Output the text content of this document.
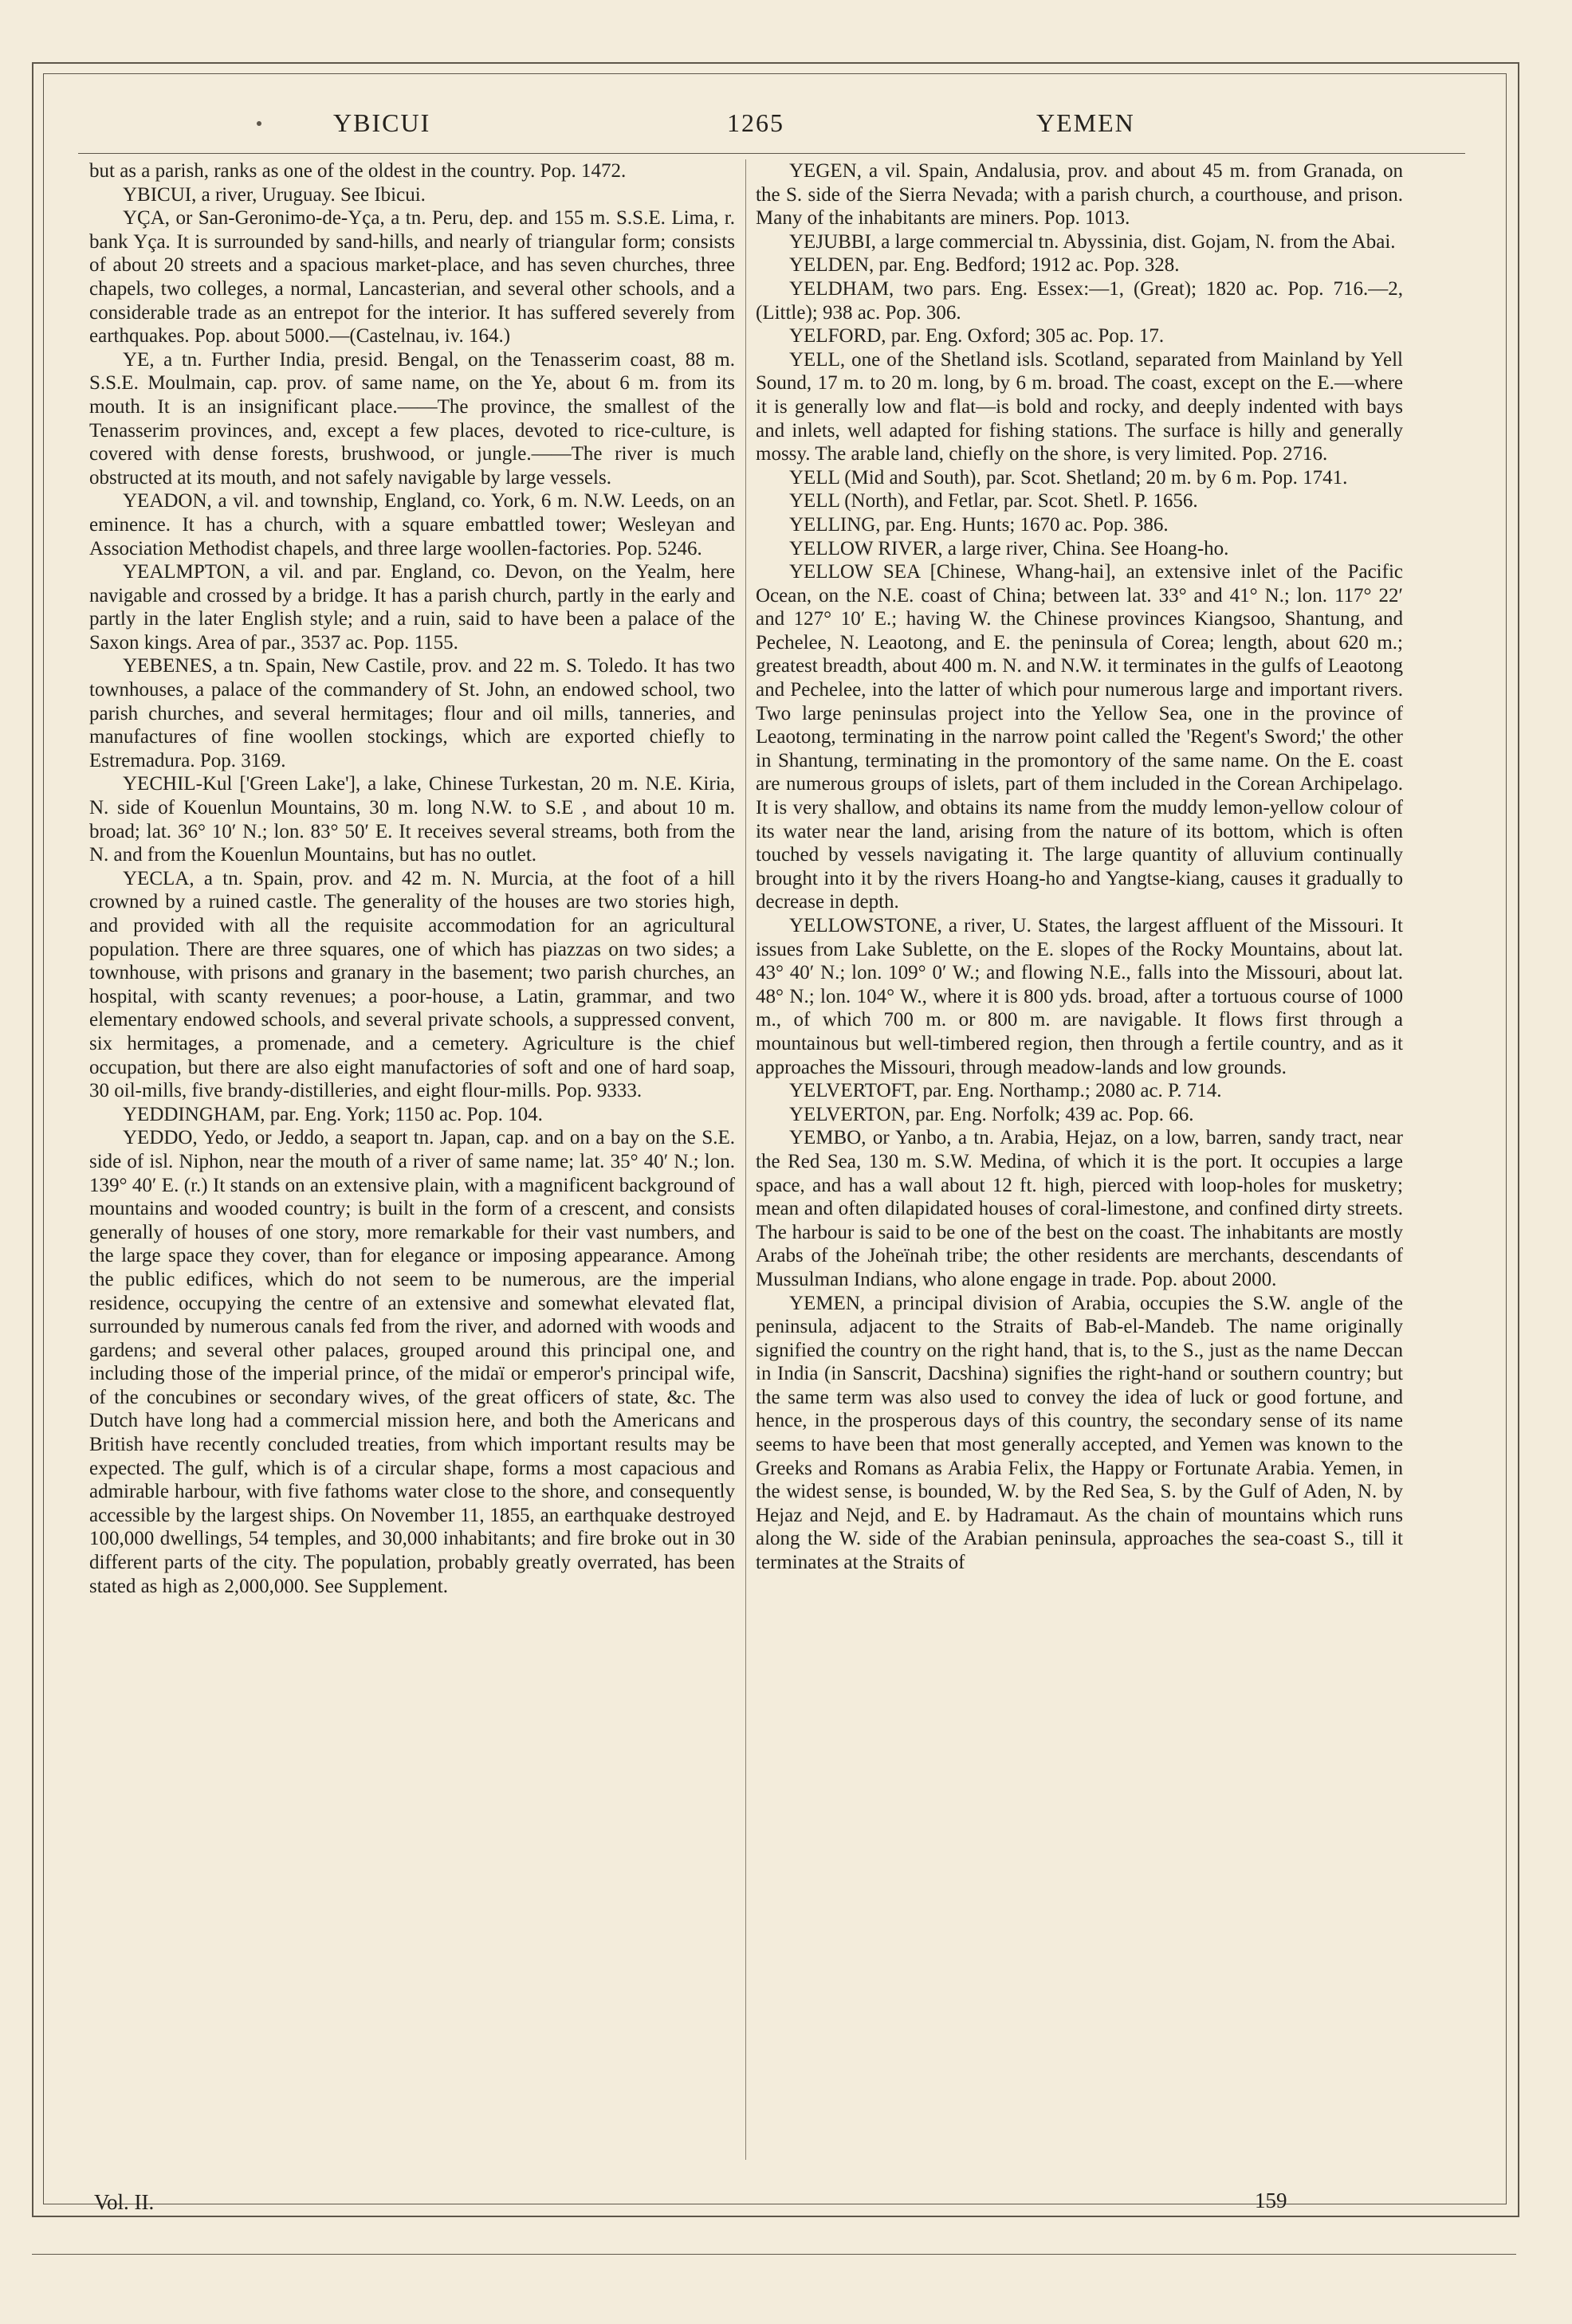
YBICUI	1265	YEMEN

but as a parish, ranks as one of the oldest in the country. Pop. 1472.

YBICUI, a river, Uruguay. See Ibicui.

YÇA, or San-Geronimo-de-Yça, a tn. Peru, dep. and 155 m. S.S.E. Lima, r. bank Yça. It is surrounded by sand-hills, and nearly of triangular form; consists of about 20 streets and a spacious market-place, and has seven churches, three chapels, two colleges, a normal, Lancasterian, and several other schools, and a considerable trade as an entrepot for the interior. It has suffered severely from earthquakes. Pop. about 5000.—(Castelnau, iv. 164.)

YE, a tn. Further India, presid. Bengal, on the Tenasserim coast, 88 m. S.S.E. Moulmain, cap. prov. of same name, on the Ye, about 6 m. from its mouth. It is an insignificant place.——The province, the smallest of the Tenasserim provinces, and, except a few places, devoted to rice-culture, is covered with dense forests, brushwood, or jungle.——The river is much obstructed at its mouth, and not safely navigable by large vessels.

YEADON, a vil. and township, England, co. York, 6 m. N.W. Leeds, on an eminence. It has a church, with a square embattled tower; Wesleyan and Association Methodist chapels, and three large woollen-factories. Pop. 5246.

YEALMPTON, a vil. and par. England, co. Devon, on the Yealm, here navigable and crossed by a bridge. It has a parish church, partly in the early and partly in the later English style; and a ruin, said to have been a palace of the Saxon kings. Area of par., 3537 ac. Pop. 1155.

YEBENES, a tn. Spain, New Castile, prov. and 22 m. S. Toledo. It has two townhouses, a palace of the commandery of St. John, an endowed school, two parish churches, and several hermitages; flour and oil mills, tanneries, and manufactures of fine woollen stockings, which are exported chiefly to Estremadura. Pop. 3169.

YECHIL-Kul ['Green Lake'], a lake, Chinese Turkestan, 20 m. N.E. Kiria, N. side of Kouenlun Mountains, 30 m. long N.W. to S.E , and about 10 m. broad; lat. 36° 10′ N.; lon. 83° 50′ E. It receives several streams, both from the N. and from the Kouenlun Mountains, but has no outlet.

YECLA, a tn. Spain, prov. and 42 m. N. Murcia, at the foot of a hill crowned by a ruined castle. The generality of the houses are two stories high, and provided with all the requisite accommodation for an agricultural population. There are three squares, one of which has piazzas on two sides; a townhouse, with prisons and granary in the basement; two parish churches, an hospital, with scanty revenues; a poor-house, a Latin, grammar, and two elementary endowed schools, and several private schools, a suppressed convent, six hermitages, a promenade, and a cemetery. Agriculture is the chief occupation, but there are also eight manufactories of soft and one of hard soap, 30 oil-mills, five brandy-distilleries, and eight flour-mills. Pop. 9333.

YEDDINGHAM, par. Eng. York; 1150 ac. Pop. 104.

YEDDO, Yedo, or Jeddo, a seaport tn. Japan, cap. and on a bay on the S.E. side of isl. Niphon, near the mouth of a river of same name; lat. 35° 40′ N.; lon. 139° 40′ E. (r.) It stands on an extensive plain, with a magnificent background of mountains and wooded country; is built in the form of a crescent, and consists generally of houses of one story, more remarkable for their vast numbers, and the large space they cover, than for elegance or imposing appearance. Among the public edifices, which do not seem to be numerous, are the imperial residence, occupying the centre of an extensive and somewhat elevated flat, surrounded by numerous canals fed from the river, and adorned with woods and gardens; and several other palaces, grouped around this principal one, and including those of the imperial prince, of the midaï or emperor's principal wife, of the concubines or secondary wives, of the great officers of state, &c. The Dutch have long had a commercial mission here, and both the Americans and British have recently concluded treaties, from which important results may be expected. The gulf, which is of a circular shape, forms a most capacious and admirable harbour, with five fathoms water close to the shore, and consequently accessible by the largest ships. On November 11, 1855, an earthquake destroyed 100,000 dwellings, 54 temples, and 30,000 inhabitants; and fire broke out in 30 different parts of the city. The population, probably greatly overrated, has been stated as high as 2,000,000. See Supplement.

YEGEN, a vil. Spain, Andalusia, prov. and about 45 m. from Granada, on the S. side of the Sierra Nevada; with a parish church, a courthouse, and prison. Many of the inhabitants are miners. Pop. 1013.

YEJUBBI, a large commercial tn. Abyssinia, dist. Gojam, N. from the Abai.

YELDEN, par. Eng. Bedford; 1912 ac. Pop. 328.

YELDHAM, two pars. Eng. Essex:—1, (Great); 1820 ac. Pop. 716.—2, (Little); 938 ac. Pop. 306.

YELFORD, par. Eng. Oxford; 305 ac. Pop. 17.

YELL, one of the Shetland isls. Scotland, separated from Mainland by Yell Sound, 17 m. to 20 m. long, by 6 m. broad. The coast, except on the E.—where it is generally low and flat—is bold and rocky, and deeply indented with bays and inlets, well adapted for fishing stations. The surface is hilly and generally mossy. The arable land, chiefly on the shore, is very limited. Pop. 2716.

YELL (Mid and South), par. Scot. Shetland; 20 m. by 6 m. Pop. 1741.

YELL (North), and Fetlar, par. Scot. Shetl. P. 1656.

YELLING, par. Eng. Hunts; 1670 ac. Pop. 386.

YELLOW RIVER, a large river, China. See Hoang-ho.

YELLOW SEA [Chinese, Whang-hai], an extensive inlet of the Pacific Ocean, on the N.E. coast of China; between lat. 33° and 41° N.; lon. 117° 22′ and 127° 10′ E.; having W. the Chinese provinces Kiangsoo, Shantung, and Pechelee, N. Leaotong, and E. the peninsula of Corea; length, about 620 m.; greatest breadth, about 400 m. N. and N.W. it terminates in the gulfs of Leaotong and Pechelee, into the latter of which pour numerous large and important rivers. Two large peninsulas project into the Yellow Sea, one in the province of Leaotong, terminating in the narrow point called the 'Regent's Sword;' the other in Shantung, terminating in the promontory of the same name. On the E. coast are numerous groups of islets, part of them included in the Corean Archipelago. It is very shallow, and obtains its name from the muddy lemon-yellow colour of its water near the land, arising from the nature of its bottom, which is often touched by vessels navigating it. The large quantity of alluvium continually brought into it by the rivers Hoang-ho and Yangtse-kiang, causes it gradually to decrease in depth.

YELLOWSTONE, a river, U. States, the largest affluent of the Missouri. It issues from Lake Sublette, on the E. slopes of the Rocky Mountains, about lat. 43° 40′ N.; lon. 109° 0′ W.; and flowing N.E., falls into the Missouri, about lat. 48° N.; lon. 104° W., where it is 800 yds. broad, after a tortuous course of 1000 m., of which 700 m. or 800 m. are navigable. It flows first through a mountainous but well-timbered region, then through a fertile country, and as it approaches the Missouri, through meadow-lands and low grounds.

YELVERTOFT, par. Eng. Northamp.; 2080 ac. P. 714.

YELVERTON, par. Eng. Norfolk; 439 ac. Pop. 66.

YEMBO, or Yanbo, a tn. Arabia, Hejaz, on a low, barren, sandy tract, near the Red Sea, 130 m. S.W. Medina, of which it is the port. It occupies a large space, and has a wall about 12 ft. high, pierced with loop-holes for musketry; mean and often dilapidated houses of coral-limestone, and confined dirty streets. The harbour is said to be one of the best on the coast. The inhabitants are mostly Arabs of the Joheïnah tribe; the other residents are merchants, descendants of Mussulman Indians, who alone engage in trade. Pop. about 2000.

YEMEN, a principal division of Arabia, occupies the S.W. angle of the peninsula, adjacent to the Straits of Bab-el-Mandeb. The name originally signified the country on the right hand, that is, to the S., just as the name Deccan in India (in Sanscrit, Dacshina) signifies the right-hand or southern country; but the same term was also used to convey the idea of luck or good fortune, and hence, in the prosperous days of this country, the secondary sense of its name seems to have been that most generally accepted, and Yemen was known to the Greeks and Romans as Arabia Felix, the Happy or Fortunate Arabia. Yemen, in the widest sense, is bounded, W. by the Red Sea, S. by the Gulf of Aden, N. by Hejaz and Nejd, and E. by Hadramaut. As the chain of mountains which runs along the W. side of the Arabian peninsula, approaches the sea-coast S., till it terminates at the Straits of

Vol. II.	159
